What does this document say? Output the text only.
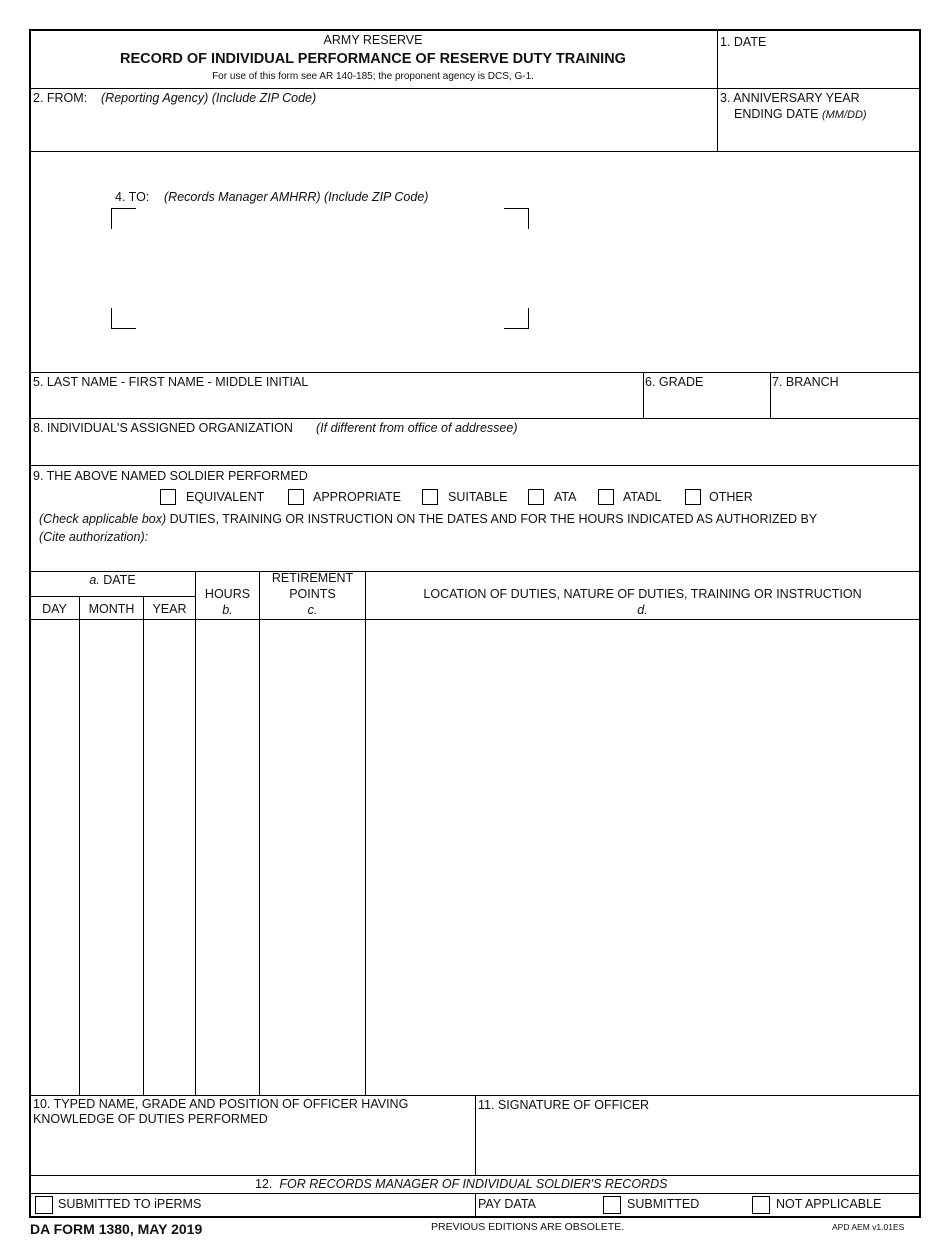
ARMY RESERVE
RECORD OF INDIVIDUAL PERFORMANCE OF RESERVE DUTY TRAINING
For use of this form see AR 140-185; the proponent agency is DCS, G-1.
1. DATE
2. FROM: (Reporting Agency) (Include ZIP Code)	3. ANNIVERSARY YEAR
ENDING DATE (MM/DD)
4. TO: (Records Manager AMHRR) (Include ZIP Code)
5. LAST NAME - FIRST NAME - MIDDLE INITIAL	6. GRADE	7. BRANCH
8. INDIVIDUAL'S ASSIGNED ORGANIZATION (If different from office of addressee)
9. THE ABOVE NAMED SOLDIER PERFORMED
EQUIVALENT	APPROPRIATE	SUITABLE	ATA	ATADL	OTHER
(Check applicable box) DUTIES, TRAINING OR INSTRUCTION ON THE DATES AND FOR THE HOURS INDICATED AS AUTHORIZED BY
(Cite authorization):
a. DATE
DAY	MONTH	YEAR
HOURS
b.
RETIREMENT
POINTS
c.
LOCATION OF DUTIES, NATURE OF DUTIES, TRAINING OR INSTRUCTION
d.
10. TYPED NAME, GRADE AND POSITION OF OFFICER HAVING
KNOWLEDGE OF DUTIES PERFORMED
11. SIGNATURE OF OFFICER
12. FOR RECORDS MANAGER OF INDIVIDUAL SOLDIER'S RECORDS
SUBMITTED TO iPERMS	PAY DATA	SUBMITTED	NOT APPLICABLE
DA FORM 1380, MAY 2019	PREVIOUS EDITIONS ARE OBSOLETE.	APD AEM v1.01ES
